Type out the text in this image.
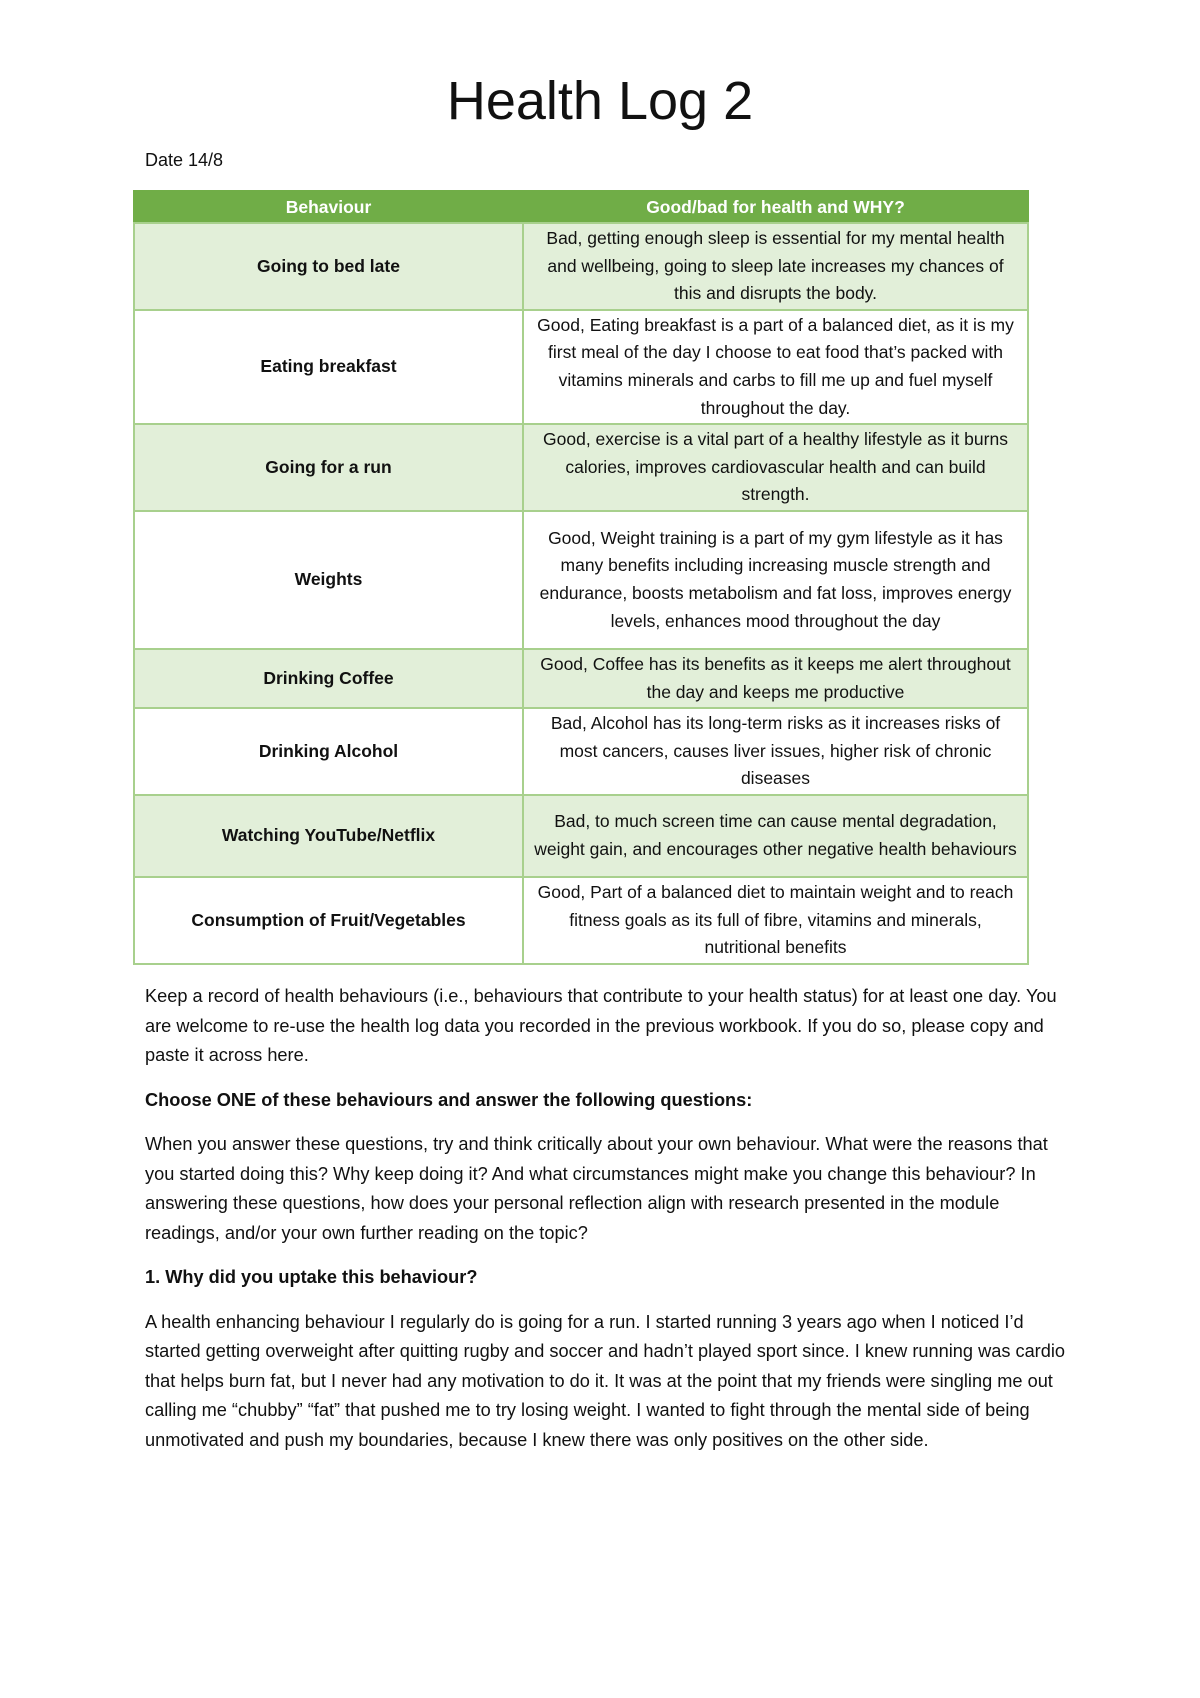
Health Log 2
Date 14/8
Behaviour	Good/bad for health and WHY?
Going to bed late	Bad, getting enough sleep is essential for my mental health and wellbeing, going to sleep late increases my chances of this and disrupts the body.
Eating breakfast	Good, Eating breakfast is a part of a balanced diet, as it is my first meal of the day I choose to eat food that’s packed with vitamins minerals and carbs to fill me up and fuel myself throughout the day.
Going for a run	Good, exercise is a vital part of a healthy lifestyle as it burns calories, improves cardiovascular health and can build strength.
Weights	Good, Weight training is a part of my gym lifestyle as it has many benefits including increasing muscle strength and endurance, boosts metabolism and fat loss, improves energy levels, enhances mood throughout the day
Drinking Coffee	Good, Coffee has its benefits as it keeps me alert throughout the day and keeps me productive
Drinking Alcohol	Bad, Alcohol has its long-term risks as it increases risks of most cancers, causes liver issues, higher risk of chronic diseases
Watching YouTube/Netflix	Bad, to much screen time can cause mental degradation, weight gain, and encourages other negative health behaviours
Consumption of Fruit/Vegetables	Good, Part of a balanced diet to maintain weight and to reach fitness goals as its full of fibre, vitamins and minerals, nutritional benefits

Keep a record of health behaviours (i.e., behaviours that contribute to your health status) for at least one day. You are welcome to re-use the health log data you recorded in the previous workbook. If you do so, please copy and paste it across here.

Choose ONE of these behaviours and answer the following questions:

When you answer these questions, try and think critically about your own behaviour. What were the reasons that you started doing this? Why keep doing it? And what circumstances might make you change this behaviour? In answering these questions, how does your personal reflection align with research presented in the module readings, and/or your own further reading on the topic?

1. Why did you uptake this behaviour?

A health enhancing behaviour I regularly do is going for a run. I started running 3 years ago when I noticed I’d started getting overweight after quitting rugby and soccer and hadn’t played sport since. I knew running was cardio that helps burn fat, but I never had any motivation to do it. It was at the point that my friends were singling me out calling me “chubby” “fat” that pushed me to try losing weight. I wanted to fight through the mental side of being unmotivated and push my boundaries, because I knew there was only positives on the other side.
